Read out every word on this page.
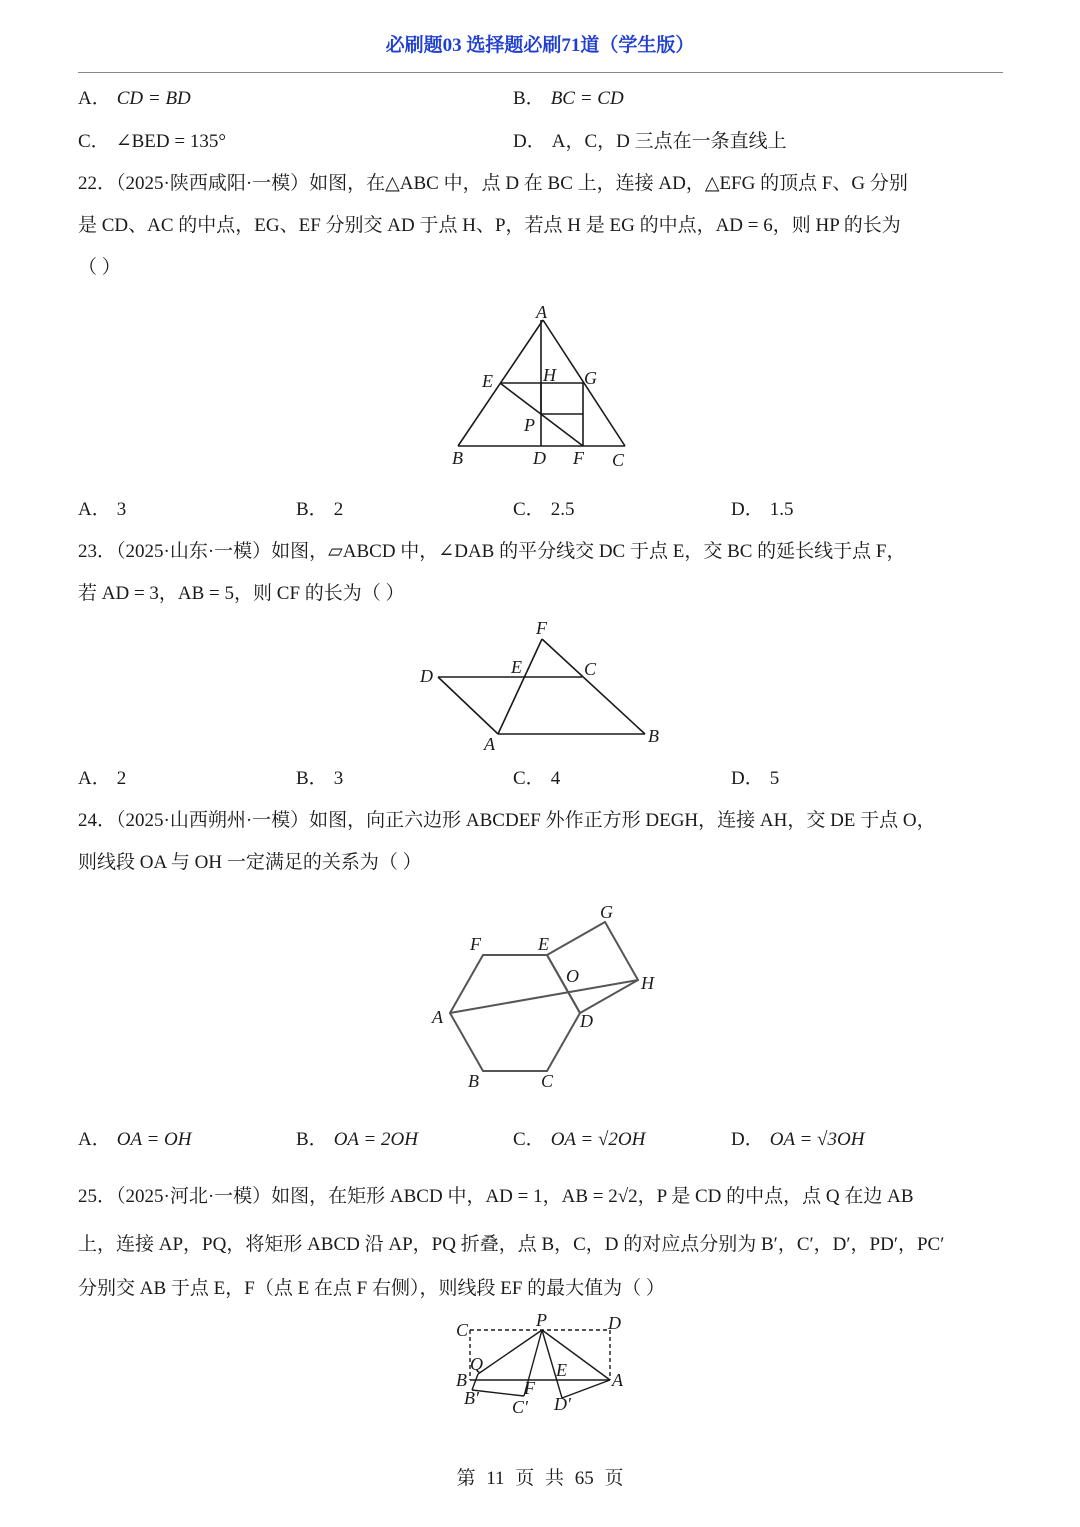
必刷题03 选择题必刷71道（学生版）
A． CD = BD	B． BC = CD
C． ∠BED = 135°	D． A，C，D 三点在一条直线上
22．（2025·陕西咸阳·一模）如图，在△ABC 中，点 D 在 BC 上，连接 AD，△EFG 的顶点 F、G 分别
是 CD、AC 的中点，EG、EF 分别交 AD 于点 H、P，若点 H 是 EG 的中点，AD = 6，则 HP 的长为
（ ）
A
B	C
D
E
F
G
H
P
A． 3	B． 2	C． 2.5	D． 1.5
23．（2025·山东·一模）如图，▱ABCD 中，∠DAB 的平分线交 DC 于点 E，交 BC 的延长线于点 F，
若 AD = 3，AB = 5，则 CF 的长为（ ）
D
A	B
C
E
F
A． 2	B． 3	C． 4	D． 5
24．（2025·山西朔州·一模）如图，向正六边形 ABCDEF 外作正方形 DEGH，连接 AH，交 DE 于点 O，
则线段 OA 与 OH 一定满足的关系为（ ）
F	E
G
H
O
A	D
B	C
A． OA = OH	B． OA = 2OH	C． OA = √2OH	D． OA = √3OH
25．（2025·河北·一模）如图，在矩形 ABCD 中，AD = 1，AB = 2√2，P 是 CD 的中点，点 Q 在边 AB
上，连接 AP，PQ，将矩形 ABCD 沿 AP，PQ 折叠，点 B，C，D 的对应点分别为 B′，C′，D′，PD′，PC′
分别交 AB 于点 E，F（点 E 在点 F 右侧），则线段 EF 的最大值为（ ）
C	P	D
Q
B	A
E
F
B′ C′ D′
第 11 页 共 65 页
